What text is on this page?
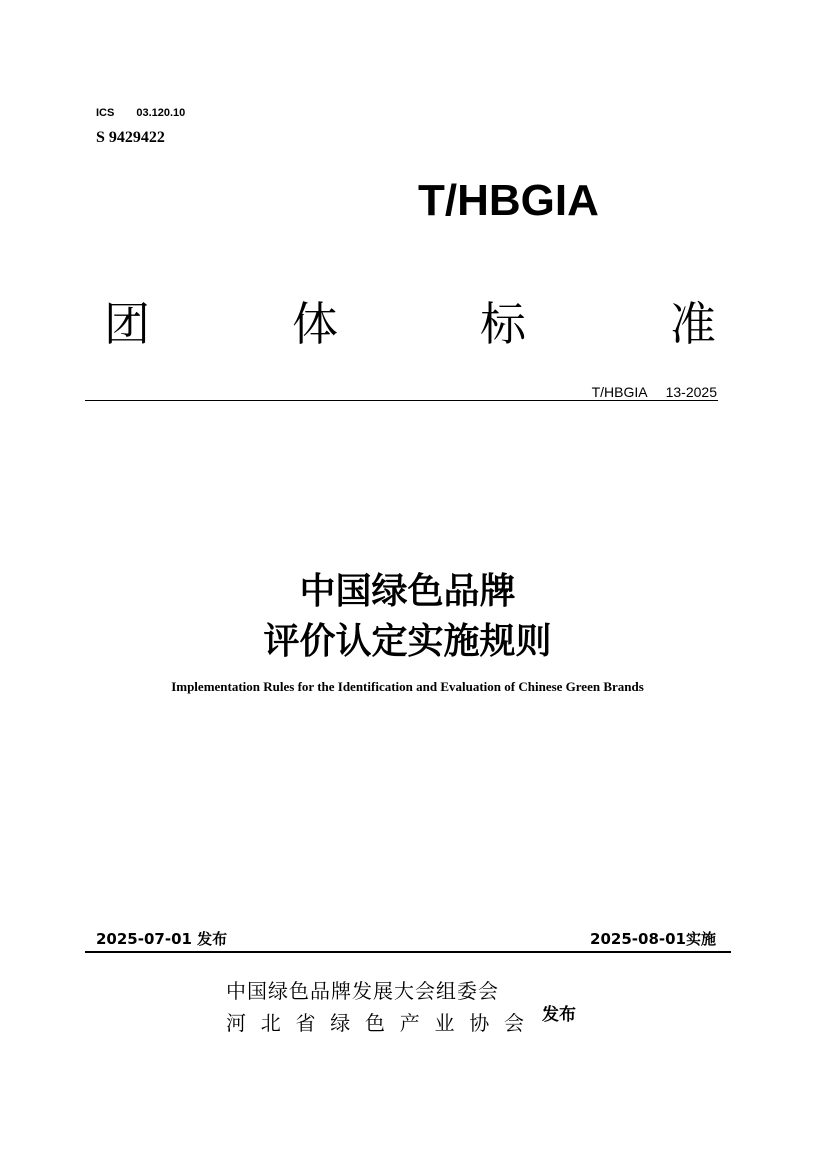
ICS 03.120.10
S 9429422
T/HBGIA
团	体	标	准
T/HBGIA 13-2025
中国绿色品牌
评价认定实施规则
Implementation Rules for the Identification and Evaluation of Chinese Green Brands
2025-07-01 发布	2025-08-01实施
中国绿色品牌发展大会组委会
河北省绿色产业协会 发布
